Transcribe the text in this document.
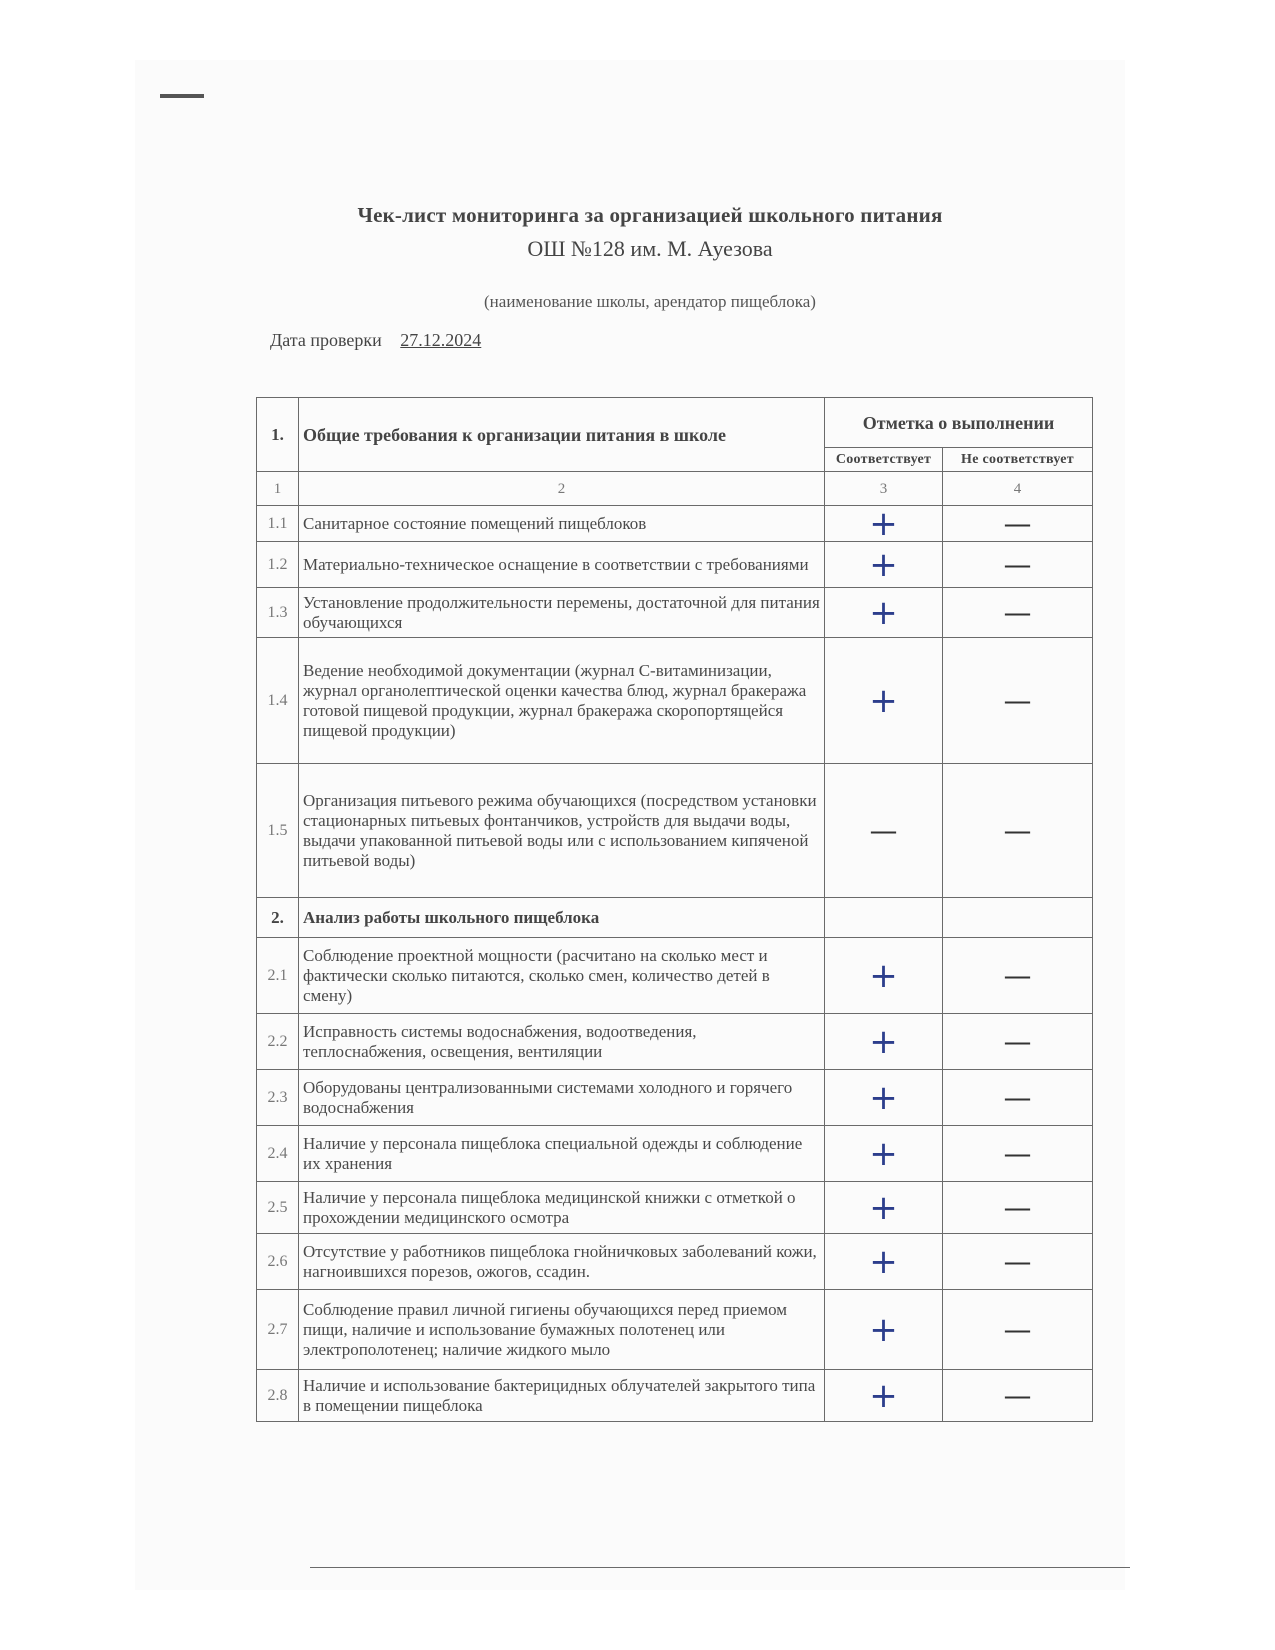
Чек-лист мониторинга за организацией школьного питания
ОШ №128 им. М. Ауезова
(наименование школы, арендатор пищеблока)
Дата проверки 27.12.2024
1.	Общие требования к организации питания в школе	Отметка о выполнении	
		Соответствует	Не соответствует
1	2	3	4
1.1	Санитарное состояние помещений пищеблоков	+	—
1.2	Материально-техническое оснащение в соответствии с требованиями	+	—
1.3	Установление продолжительности перемены, достаточной для питания обучающихся	+	—
1.4	Ведение необходимой документации (журнал С-витаминизации, журнал органолептической оценки качества блюд, журнал бракеража готовой пищевой продукции, журнал бракеража скоропортящейся пищевой продукции)	+	—
1.5	Организация питьевого режима обучающихся (посредством установки стационарных питьевых фонтанчиков, устройств для выдачи воды, выдачи упакованной питьевой воды или с использованием кипяченой питьевой воды)	—	—
2.	Анализ работы школьного пищеблока		
2.1	Соблюдение проектной мощности (расчитано на сколько мест и фактически сколько питаются, сколько смен, количество детей в смену)	+	—
2.2	Исправность системы водоснабжения, водоотведения, теплоснабжения, освещения, вентиляции	+	—
2.3	Оборудованы централизованными системами холодного и горячего водоснабжения	+	—
2.4	Наличие у персонала пищеблока специальной одежды и соблюдение их хранения	+	—
2.5	Наличие у персонала пищеблока медицинской книжки с отметкой о прохождении медицинского осмотра	+	—
2.6	Отсутствие у работников пищеблока гнойничковых заболеваний кожи, нагноившихся порезов, ожогов, ссадин.	+	—
2.7	Соблюдение правил личной гигиены обучающихся перед приемом пищи, наличие и использование бумажных полотенец или электрополотенец; наличие жидкого мыло	+	—
2.8	Наличие и использование бактерицидных облучателей закрытого типа в помещении пищеблока	+	—
